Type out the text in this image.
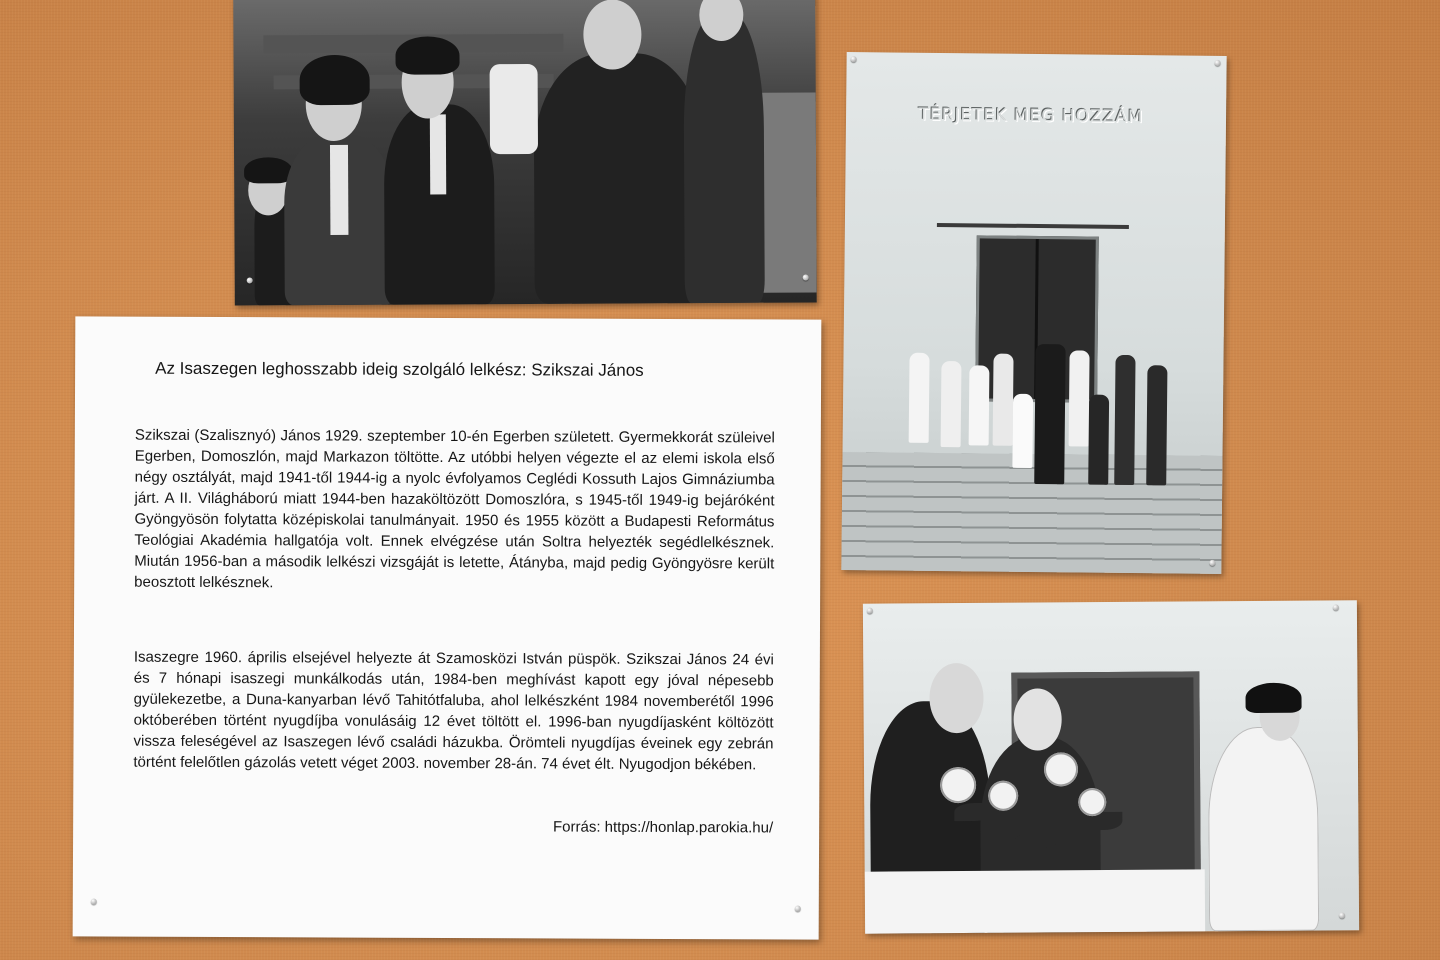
TÉRJETEK MEG HOZZÁM
Az Isaszegen leghosszabb ideig szolgáló lelkész: Szikszai János

Szikszai (Szalisznyó) János 1929. szeptember 10-én Egerben született. Gyermekkorát szüleivel Egerben, Domoszlón, majd Markazon töltötte. Az utóbbi helyen végezte el az elemi iskola első négy osztályát, majd 1941-től 1944-ig a nyolc évfolyamos Ceglédi Kossuth Lajos Gimnáziumba járt. A II. Világháború miatt 1944-ben hazaköltözött Domoszlóra, s 1945-től 1949-ig bejáróként Gyöngyösön folytatta középiskolai tanulmányait. 1950 és 1955 között a Budapesti Református Teológiai Akadémia hallgatója volt. Ennek elvégzése után Soltra helyezték segédlelkésznek. Miután 1956-ban a második lelkészi vizsgáját is letette, Átányba, majd pedig Gyöngyösre került beosztott lelkésznek.

Isaszegre 1960. április elsejével helyezte át Szamosközi István püspök. Szikszai János 24 évi és 7 hónapi isaszegi munkálkodás után, 1984-ben meghívást kapott egy jóval népesebb gyülekezetbe, a Duna-kanyarban lévő Tahitótfaluba, ahol lelkészként 1984 novemberétől 1996 októberében történt nyugdíjba vonulásáig 12 évet töltött el. 1996-ban nyugdíjasként költözött vissza feleségével az Isaszegen lévő családi házukba. Örömteli nyugdíjas éveinek egy zebrán történt felelőtlen gázolás vetett véget 2003. november 28-án. 74 évet élt. Nyugodjon békében.

Forrás: https://honlap.parokia.hu/
